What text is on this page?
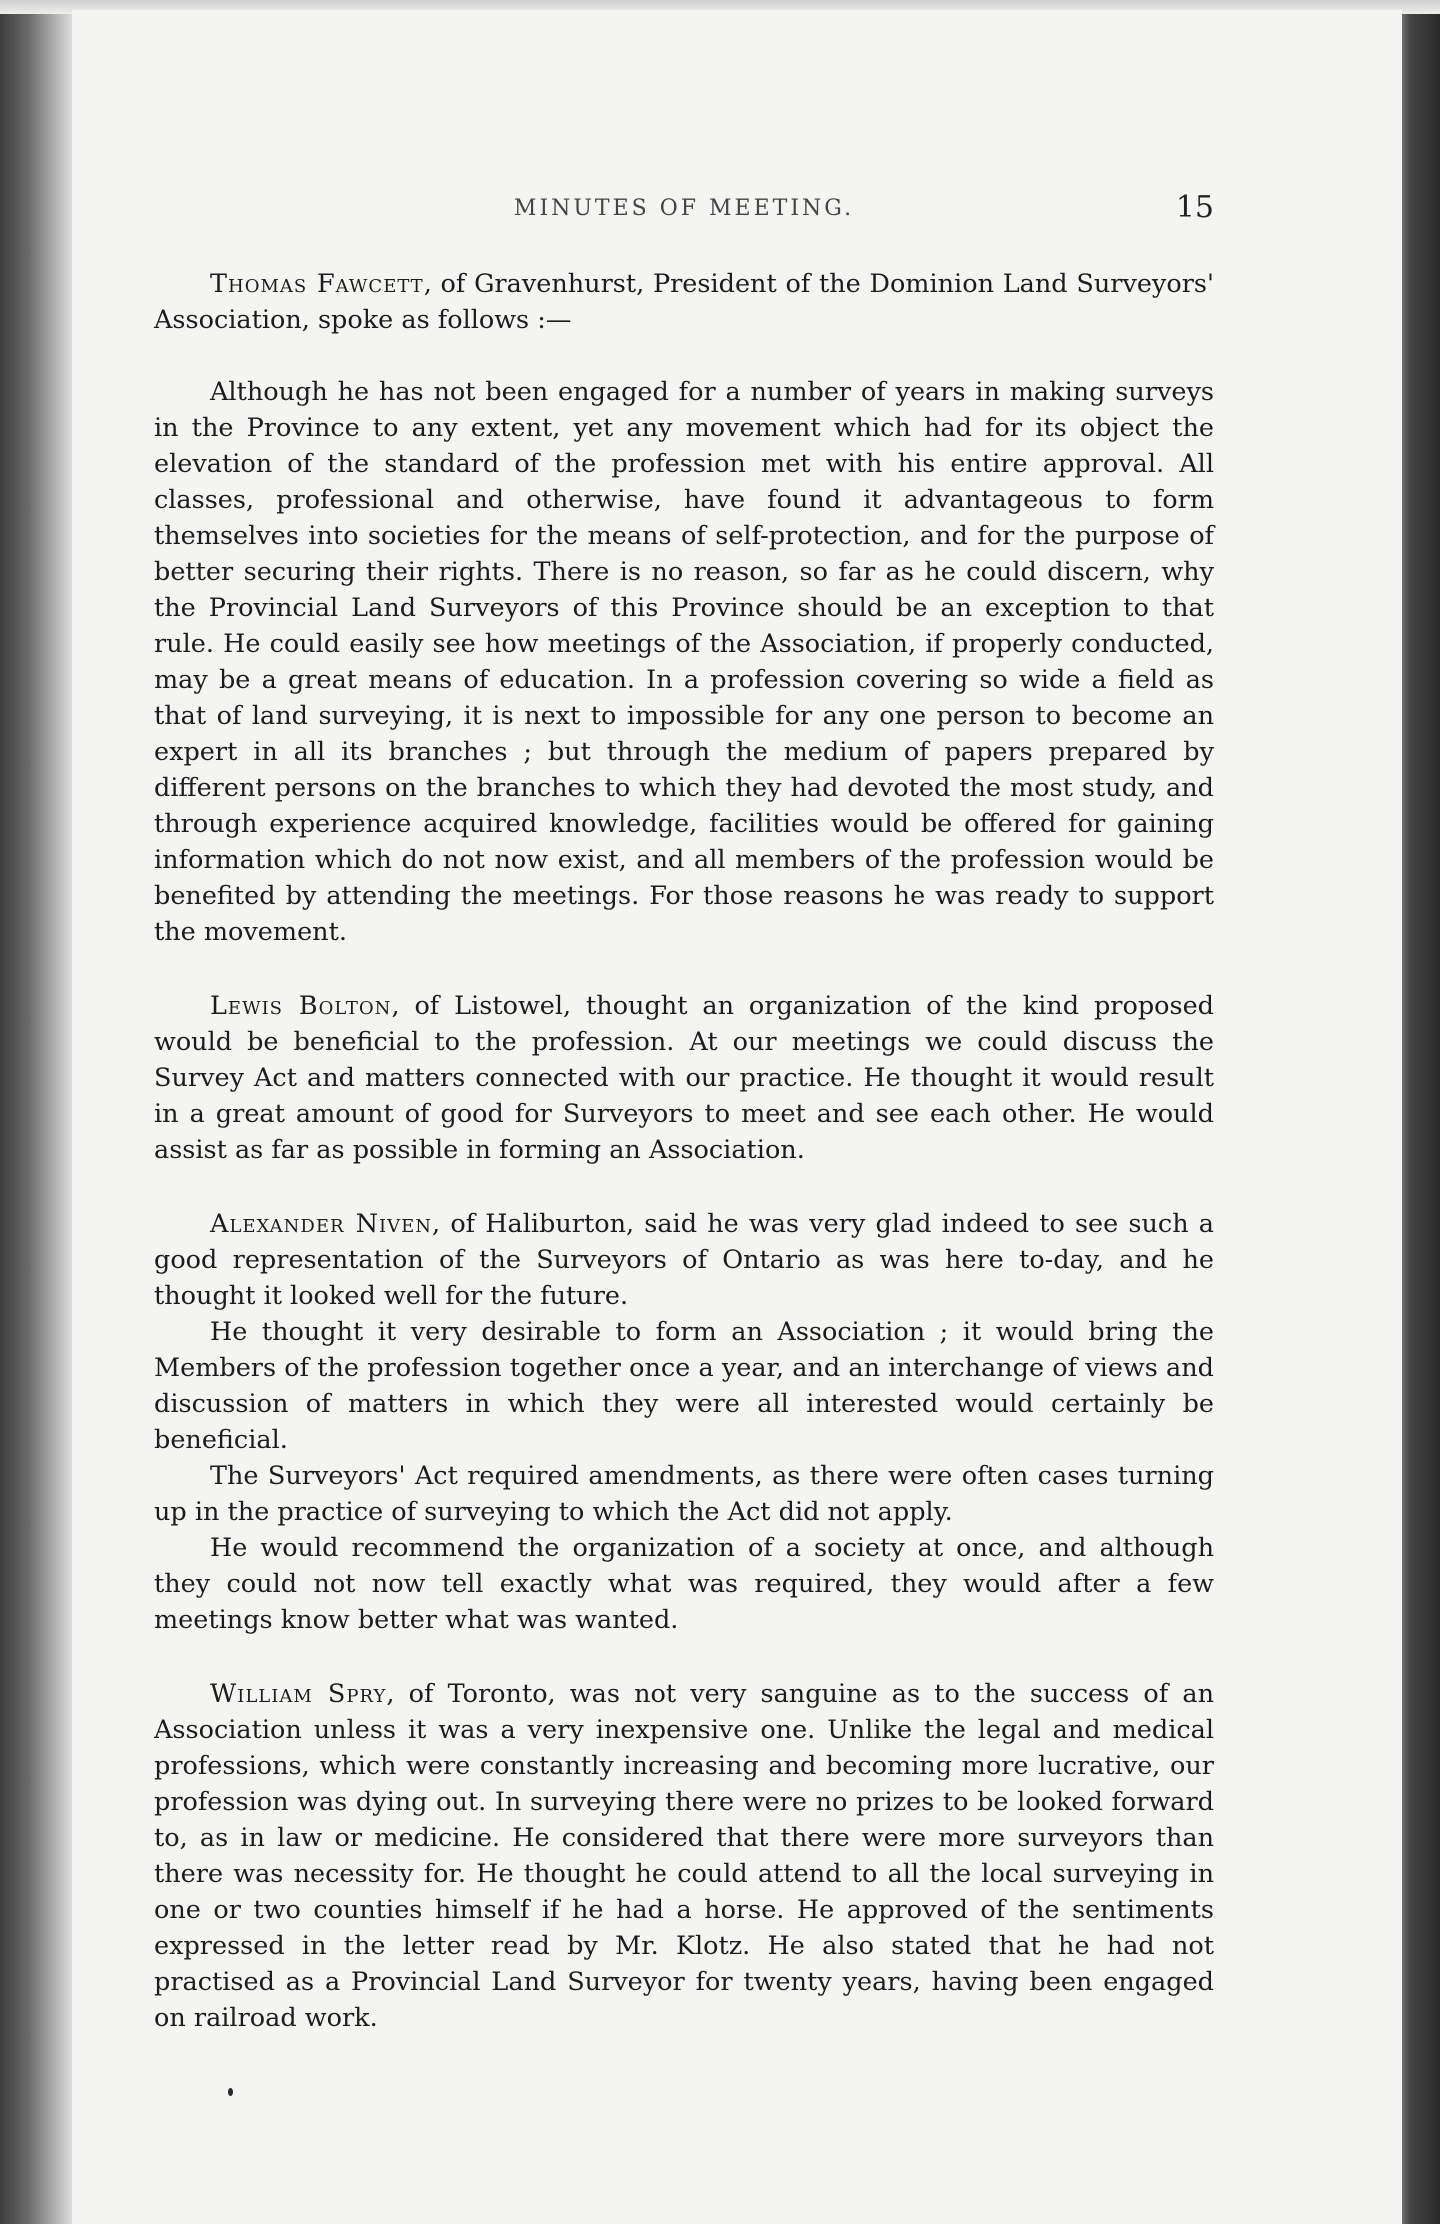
MINUTES OF MEETING.	15

Thomas Fawcett, of Gravenhurst, President of the Dominion Land Surveyors' Association, spoke as follows :—

Although he has not been engaged for a number of years in making surveys in the Province to any extent, yet any movement which had for its object the elevation of the standard of the profession met with his entire approval. All classes, professional and otherwise, have found it advantageous to form themselves into societies for the means of self-protection, and for the purpose of better securing their rights. There is no reason, so far as he could discern, why the Provincial Land Surveyors of this Province should be an exception to that rule. He could easily see how meetings of the Association, if properly conducted, may be a great means of education. In a profession covering so wide a field as that of land surveying, it is next to impossible for any one person to become an expert in all its branches ; but through the medium of papers prepared by different persons on the branches to which they had devoted the most study, and through experience acquired knowledge, facilities would be offered for gaining information which do not now exist, and all members of the profession would be benefited by attending the meetings. For those reasons he was ready to support the movement.

Lewis Bolton, of Listowel, thought an organization of the kind proposed would be beneficial to the profession. At our meetings we could discuss the Survey Act and matters connected with our practice. He thought it would result in a great amount of good for Surveyors to meet and see each other. He would assist as far as possible in forming an Association.

Alexander Niven, of Haliburton, said he was very glad indeed to see such a good representation of the Surveyors of Ontario as was here to-day, and he thought it looked well for the future.

He thought it very desirable to form an Association ; it would bring the Members of the profession together once a year, and an interchange of views and discussion of matters in which they were all interested would certainly be beneficial.

The Surveyors' Act required amendments, as there were often cases turning up in the practice of surveying to which the Act did not apply.

He would recommend the organization of a society at once, and although they could not now tell exactly what was required, they would after a few meetings know better what was wanted.

William Spry, of Toronto, was not very sanguine as to the success of an Association unless it was a very inexpensive one. Unlike the legal and medical professions, which were constantly increasing and becoming more lucrative, our profession was dying out. In surveying there were no prizes to be looked forward to, as in law or medicine. He considered that there were more surveyors than there was necessity for. He thought he could attend to all the local surveying in one or two counties himself if he had a horse. He approved of the sentiments expressed in the letter read by Mr. Klotz. He also stated that he had not practised as a Provincial Land Surveyor for twenty years, having been engaged on railroad work.
